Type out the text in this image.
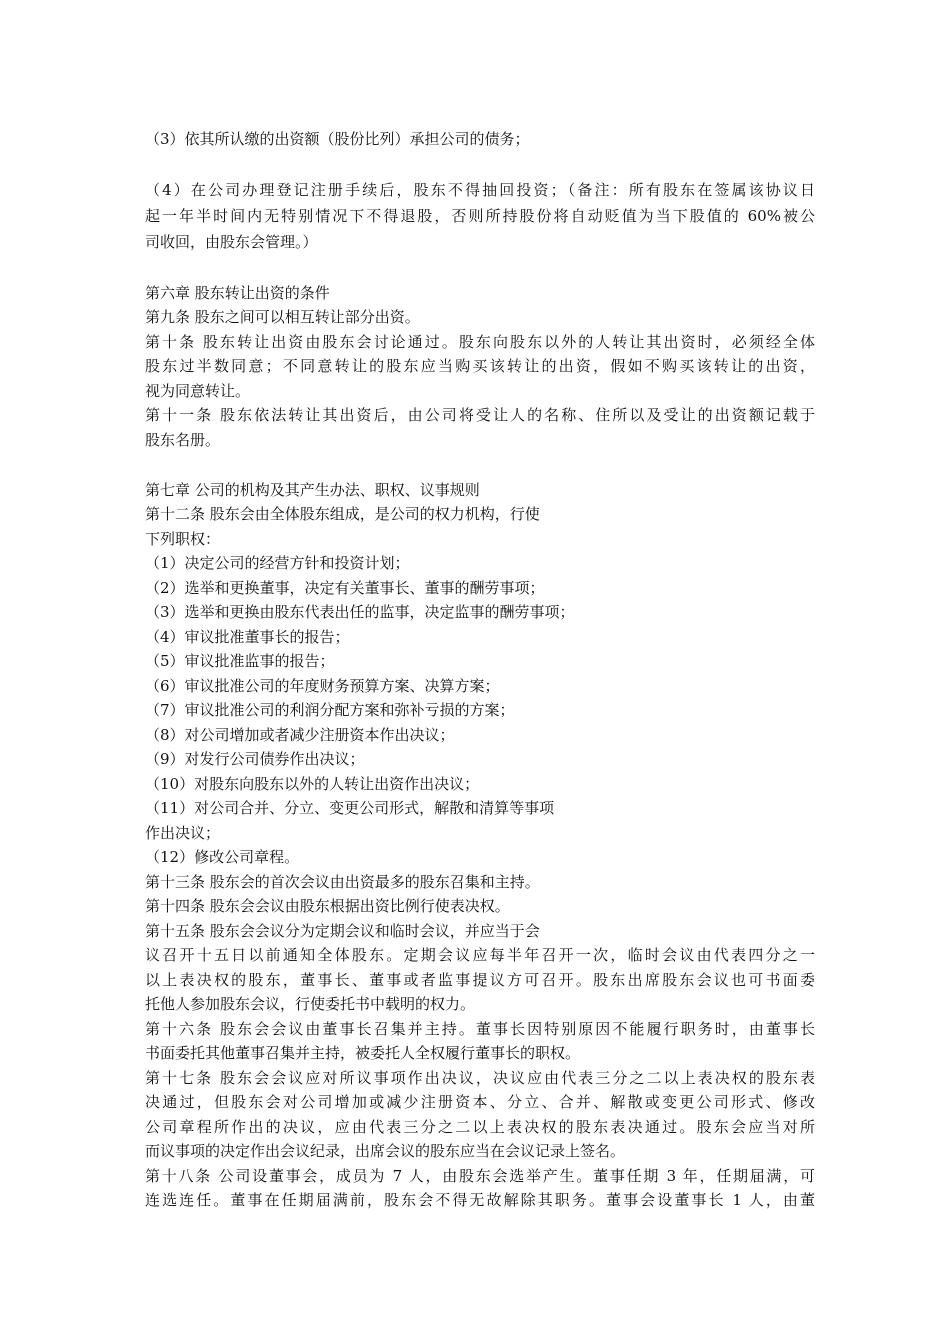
（3）依其所认缴的出资额（股份比列）承担公司的债务；
（4）在公司办理登记注册手续后，股东不得抽回投资；（备注：所有股东在签属该协议日
起一年半时间内无特别情况下不得退股，否则所持股份将自动贬值为当下股值的 60%被公
司收回，由股东会管理。）
第六章 股东转让出资的条件
第九条 股东之间可以相互转让部分出资。
第十条 股东转让出资由股东会讨论通过。股东向股东以外的人转让其出资时，必须经全体
股东过半数同意；不同意转让的股东应当购买该转让的出资，假如不购买该转让的出资，
视为同意转让。
第十一条 股东依法转让其出资后，由公司将受让人的名称、住所以及受让的出资额记载于
股东名册。
第七章 公司的机构及其产生办法、职权、议事规则
第十二条 股东会由全体股东组成，是公司的权力机构，行使
下列职权：
（1）决定公司的经营方针和投资计划；
（2）选举和更换董事，决定有关董事长、董事的酬劳事项；
（3）选举和更换由股东代表出任的监事，决定监事的酬劳事项；
（4）审议批准董事长的报告；
（5）审议批准监事的报告；
（6）审议批准公司的年度财务预算方案、决算方案；
（7）审议批准公司的利润分配方案和弥补亏损的方案；
（8）对公司增加或者减少注册资本作出决议；
（9）对发行公司债券作出决议；
（10）对股东向股东以外的人转让出资作出决议；
（11）对公司合并、分立、变更公司形式，解散和清算等事项
作出决议；
（12）修改公司章程。
第十三条 股东会的首次会议由出资最多的股东召集和主持。
第十四条 股东会会议由股东根据出资比例行使表决权。
第十五条 股东会会议分为定期会议和临时会议，并应当于会
议召开十五日以前通知全体股东。定期会议应每半年召开一次，临时会议由代表四分之一
以上表决权的股东，董事长、董事或者监事提议方可召开。股东出席股东会议也可书面委
托他人参加股东会议，行使委托书中载明的权力。
第十六条 股东会会议由董事长召集并主持。董事长因特别原因不能履行职务时，由董事长
书面委托其他董事召集并主持，被委托人全权履行董事长的职权。
第十七条 股东会会议应对所议事项作出决议，决议应由代表三分之二以上表决权的股东表
决通过，但股东会对公司增加或减少注册资本、分立、合并、解散或变更公司形式、修改
公司章程所作出的决议，应由代表三分之二以上表决权的股东表决通过。股东会应当对所
而议事项的决定作出会议纪录，出席会议的股东应当在会议记录上签名。
第十八条 公司设董事会，成员为 7 人，由股东会选举产生。董事任期 3 年，任期届满，可
连选连任。董事在任期届满前，股东会不得无故解除其职务。董事会设董事长 1 人，由董
